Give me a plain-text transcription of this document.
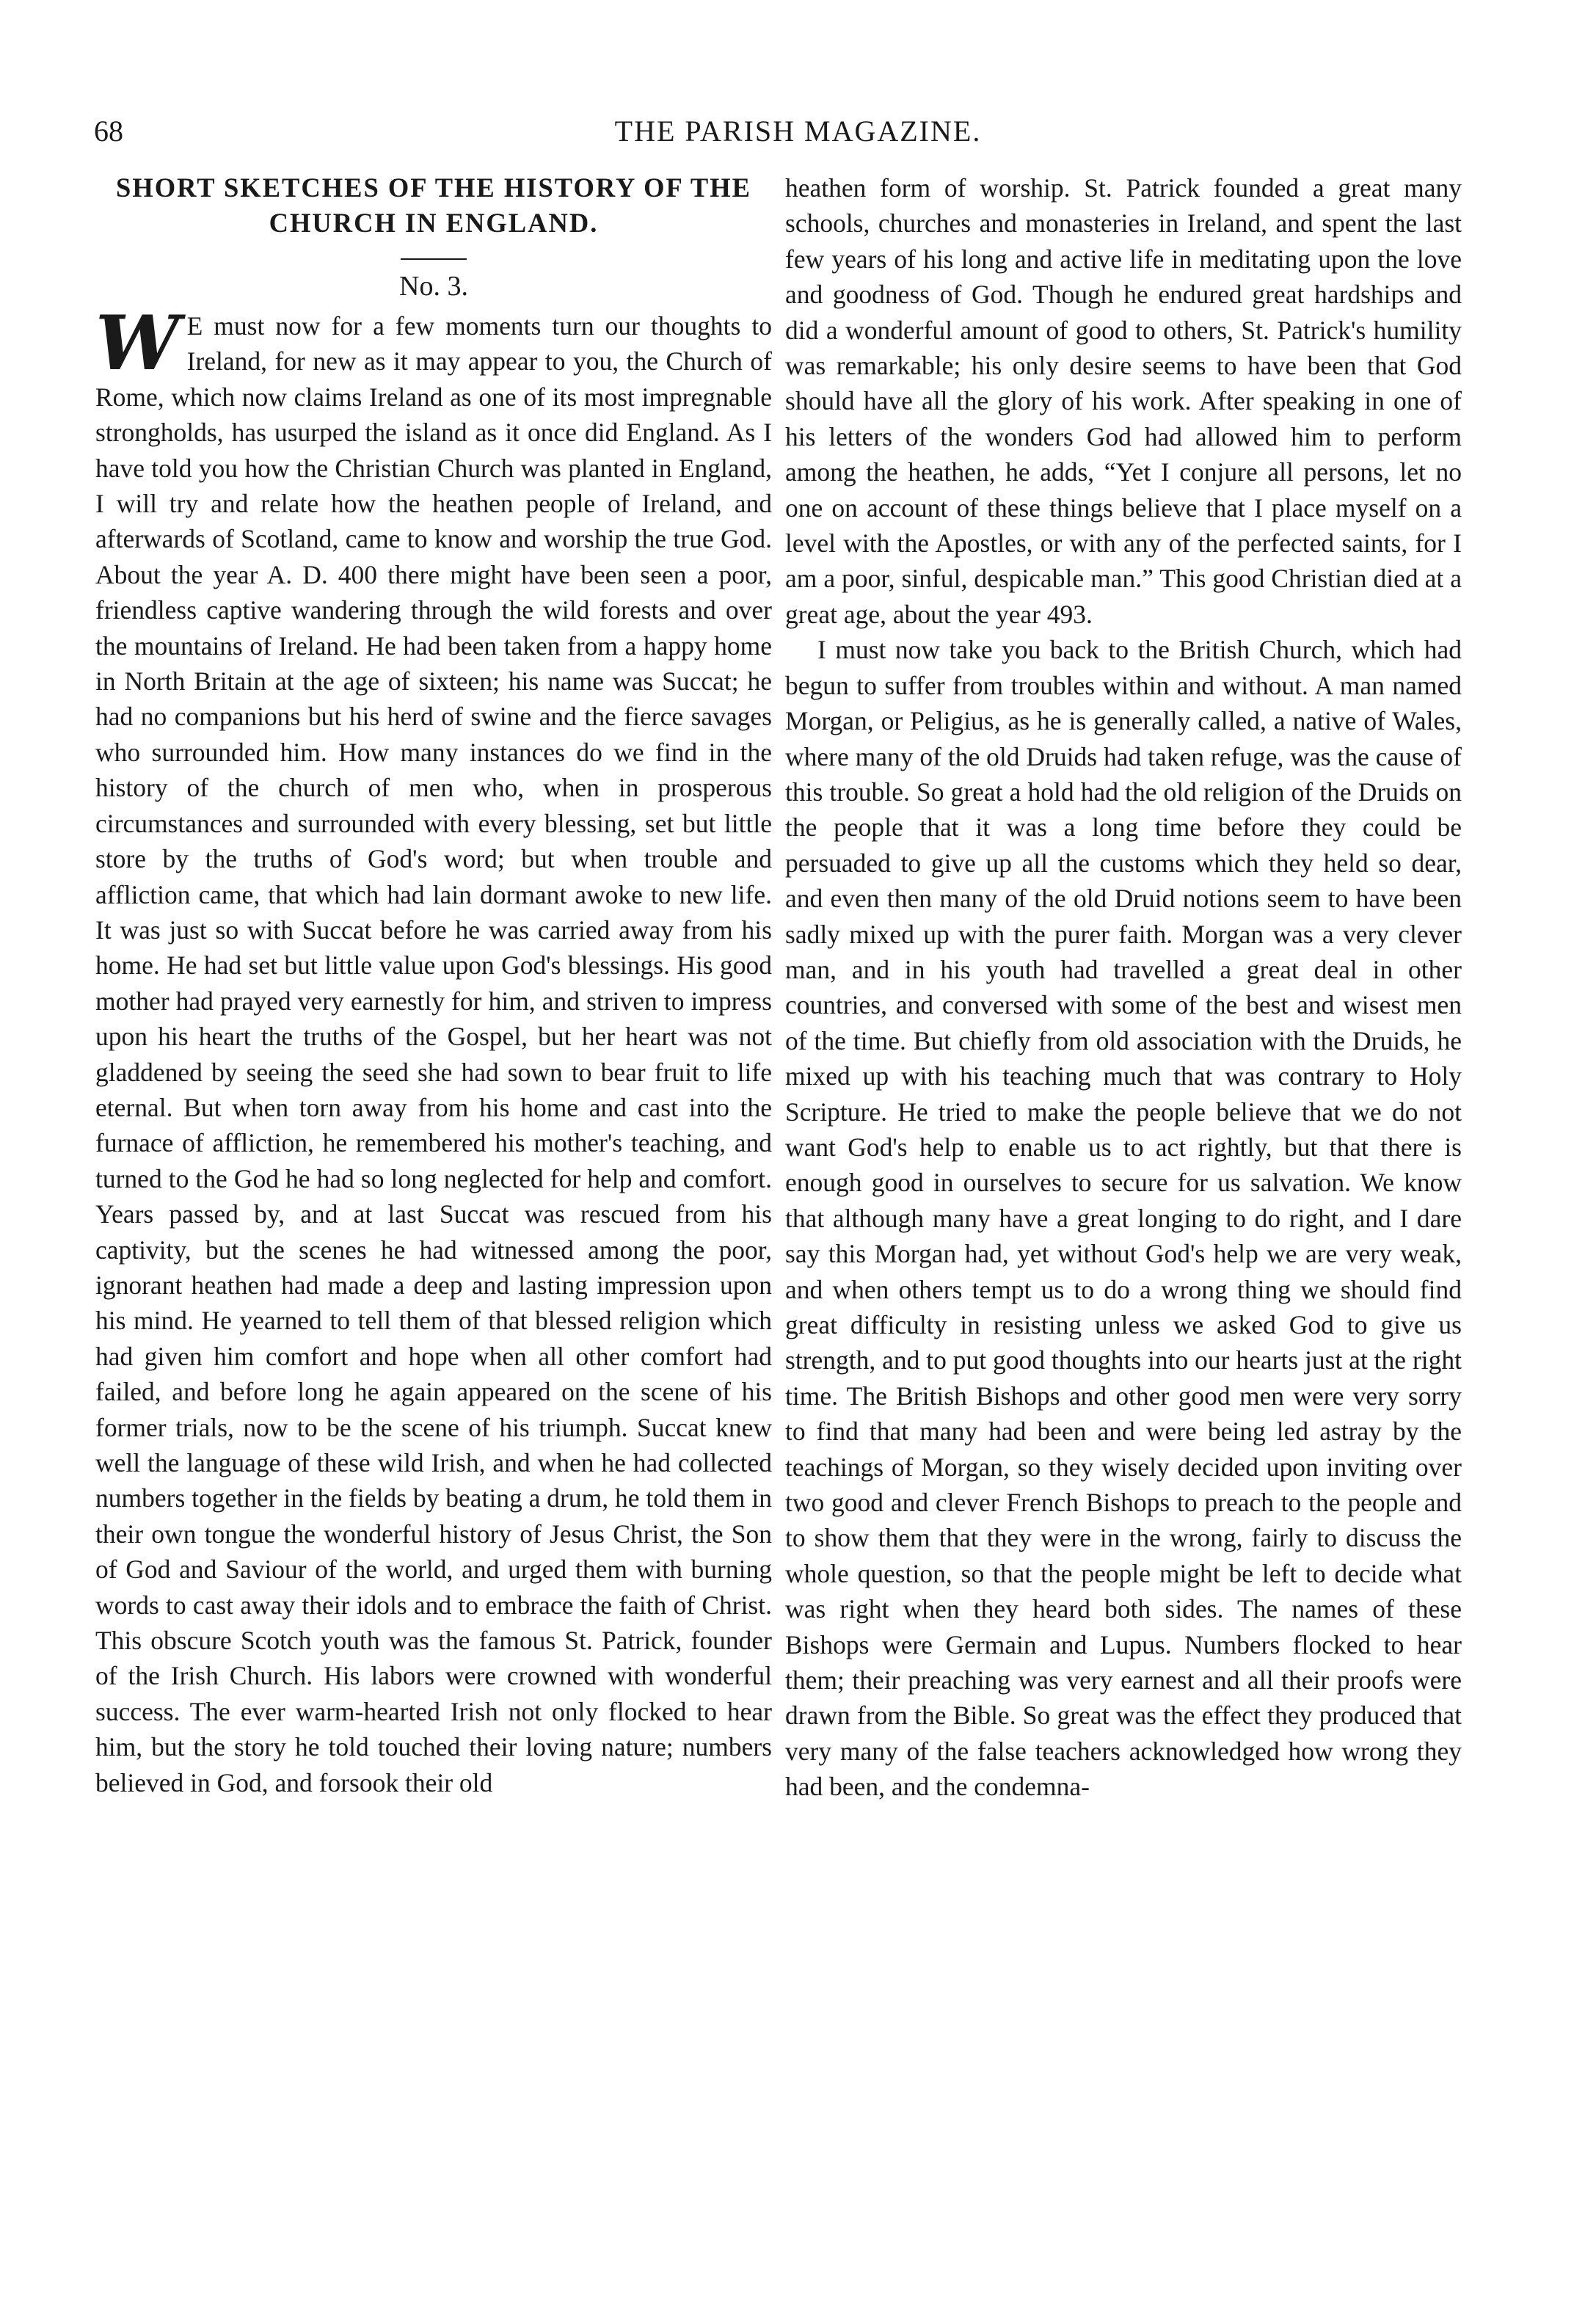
68	THE PARISH MAGAZINE.
SHORT SKETCHES OF THE HISTORY OF THE CHURCH IN ENGLAND.
No. 3.

W E must now for a few moments turn our thoughts to Ireland, for new as it may appear to you, the Church of Rome, which now claims Ireland as one of its most impregnable strongholds, has usurped the island as it once did England. As I have told you how the Christian Church was planted in England, I will try and relate how the heathen people of Ireland, and afterwards of Scotland, came to know and worship the true God. About the year A. D. 400 there might have been seen a poor, friendless captive wandering through the wild forests and over the mountains of Ireland. He had been taken from a happy home in North Britain at the age of sixteen; his name was Succat; he had no companions but his herd of swine and the fierce savages who surrounded him. How many instances do we find in the history of the church of men who, when in prosperous circumstances and surrounded with every blessing, set but little store by the truths of God's word; but when trouble and affliction came, that which had lain dormant awoke to new life. It was just so with Succat before he was carried away from his home. He had set but little value upon God's blessings. His good mother had prayed very earnestly for him, and striven to impress upon his heart the truths of the Gospel, but her heart was not gladdened by seeing the seed she had sown to bear fruit to life eternal. But when torn away from his home and cast into the furnace of affliction, he remembered his mother's teaching, and turned to the God he had so long neglected for help and comfort. Years passed by, and at last Succat was rescued from his captivity, but the scenes he had witnessed among the poor, ignorant heathen had made a deep and lasting impression upon his mind. He yearned to tell them of that blessed religion which had given him comfort and hope when all other comfort had failed, and before long he again appeared on the scene of his former trials, now to be the scene of his triumph. Succat knew well the language of these wild Irish, and when he had collected numbers together in the fields by beating a drum, he told them in their own tongue the wonderful history of Jesus Christ, the Son of God and Saviour of the world, and urged them with burning words to cast away their idols and to embrace the faith of Christ. This obscure Scotch youth was the famous St. Patrick, founder of the Irish Church. His labors were crowned with wonderful success. The ever warm-hearted Irish not only flocked to hear him, but the story he told touched their loving nature; numbers believed in God, and forsook their old

heathen form of worship. St. Patrick founded a great many schools, churches and monasteries in Ireland, and spent the last few years of his long and active life in meditating upon the love and goodness of God. Though he endured great hardships and did a wonderful amount of good to others, St. Patrick's humility was remarkable; his only desire seems to have been that God should have all the glory of his work. After speaking in one of his letters of the wonders God had allowed him to perform among the heathen, he adds, “Yet I conjure all persons, let no one on account of these things believe that I place myself on a level with the Apostles, or with any of the perfected saints, for I am a poor, sinful, despicable man.” This good Christian died at a great age, about the year 493.

I must now take you back to the British Church, which had begun to suffer from troubles within and without. A man named Morgan, or Peligius, as he is generally called, a native of Wales, where many of the old Druids had taken refuge, was the cause of this trouble. So great a hold had the old religion of the Druids on the people that it was a long time before they could be persuaded to give up all the customs which they held so dear, and even then many of the old Druid notions seem to have been sadly mixed up with the purer faith. Morgan was a very clever man, and in his youth had travelled a great deal in other countries, and conversed with some of the best and wisest men of the time. But chiefly from old association with the Druids, he mixed up with his teaching much that was contrary to Holy Scripture. He tried to make the people believe that we do not want God's help to enable us to act rightly, but that there is enough good in ourselves to secure for us salvation. We know that although many have a great longing to do right, and I dare say this Morgan had, yet without God's help we are very weak, and when others tempt us to do a wrong thing we should find great difficulty in resisting unless we asked God to give us strength, and to put good thoughts into our hearts just at the right time. The British Bishops and other good men were very sorry to find that many had been and were being led astray by the teachings of Morgan, so they wisely decided upon inviting over two good and clever French Bishops to preach to the people and to show them that they were in the wrong, fairly to discuss the whole question, so that the people might be left to decide what was right when they heard both sides. The names of these Bishops were Germain and Lupus. Numbers flocked to hear them; their preaching was very earnest and all their proofs were drawn from the Bible. So great was the effect they produced that very many of the false teachers acknowledged how wrong they had been, and the condemna-
